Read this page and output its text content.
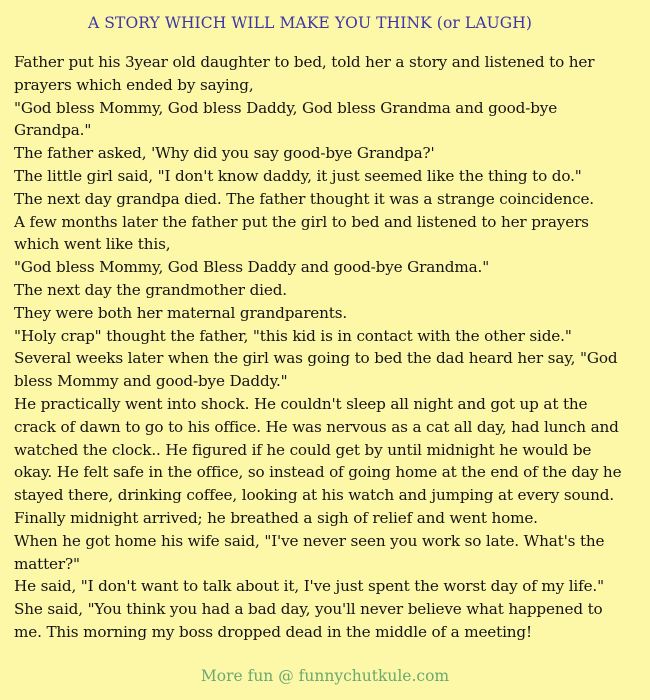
A STORY WHICH WILL MAKE YOU THINK (or LAUGH)
Father put his 3year old daughter to bed, told her a story and listened to her
prayers which ended by saying,
"God bless Mommy, God bless Daddy, God bless Grandma and good-bye
Grandpa."
The father asked, 'Why did you say good-bye Grandpa?'
The little girl said, "I don't know daddy, it just seemed like the thing to do."
The next day grandpa died. The father thought it was a strange coincidence.
A few months later the father put the girl to bed and listened to her prayers
which went like this,
"God bless Mommy, God Bless Daddy and good-bye Grandma."
The next day the grandmother died.
They were both her maternal grandparents.
"Holy crap" thought the father, "this kid is in contact with the other side."
Several weeks later when the girl was going to bed the dad heard her say, "God
bless Mommy and good-bye Daddy."
He practically went into shock. He couldn't sleep all night and got up at the
crack of dawn to go to his office. He was nervous as a cat all day, had lunch and
watched the clock.. He figured if he could get by until midnight he would be
okay. He felt safe in the office, so instead of going home at the end of the day he
stayed there, drinking coffee, looking at his watch and jumping at every sound.
Finally midnight arrived; he breathed a sigh of relief and went home.
When he got home his wife said, "I've never seen you work so late. What's the
matter?"
He said, "I don't want to talk about it, I've just spent the worst day of my life."
She said, "You think you had a bad day, you'll never believe what happened to
me. This morning my boss dropped dead in the middle of a meeting!
More fun @ funnychutkule.com
